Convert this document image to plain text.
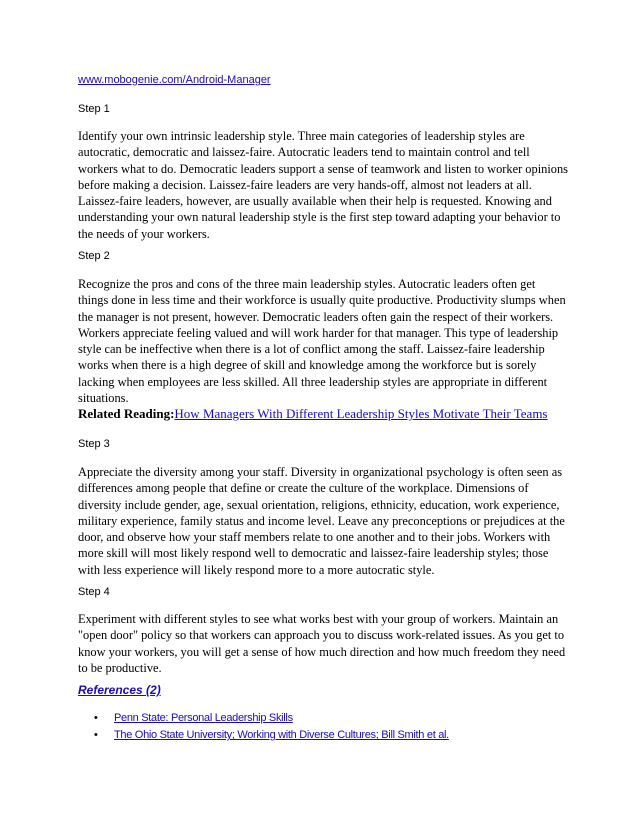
www.mobogenie.com/Android-Manager
Step 1

Identify your own intrinsic leadership style. Three main categories of leadership styles are autocratic, democratic and laissez-faire. Autocratic leaders tend to maintain control and tell workers what to do. Democratic leaders support a sense of teamwork and listen to worker opinions before making a decision. Laissez-faire leaders are very hands-off, almost not leaders at all. Laissez-faire leaders, however, are usually available when their help is requested. Knowing and understanding your own natural leadership style is the first step toward adapting your behavior to the needs of your workers.

Step 2

Recognize the pros and cons of the three main leadership styles. Autocratic leaders often get things done in less time and their workforce is usually quite productive. Productivity slumps when the manager is not present, however. Democratic leaders often gain the respect of their workers. Workers appreciate feeling valued and will work harder for that manager. This type of leadership style can be ineffective when there is a lot of conflict among the staff. Laissez-faire leadership works when there is a high degree of skill and knowledge among the workforce but is sorely lacking when employees are less skilled. All three leadership styles are appropriate in different situations.

Related Reading:How Managers With Different Leadership Styles Motivate Their Teams
Step 3

Appreciate the diversity among your staff. Diversity in organizational psychology is often seen as differences among people that define or create the culture of the workplace. Dimensions of diversity include gender, age, sexual orientation, religions, ethnicity, education, work experience, military experience, family status and income level. Leave any preconceptions or prejudices at the door, and observe how your staff members relate to one another and to their jobs. Workers with more skill will most likely respond well to democratic and laissez-faire leadership styles; those with less experience will likely respond more to a more autocratic style.

Step 4

Experiment with different styles to see what works best with your group of workers. Maintain an "open door" policy so that workers can approach you to discuss work-related issues. As you get to know your workers, you will get a sense of how much direction and how much freedom they need to be productive.

References (2)
• Penn State: Personal Leadership Skills
• The Ohio State University; Working with Diverse Cultures; Bill Smith et al.
